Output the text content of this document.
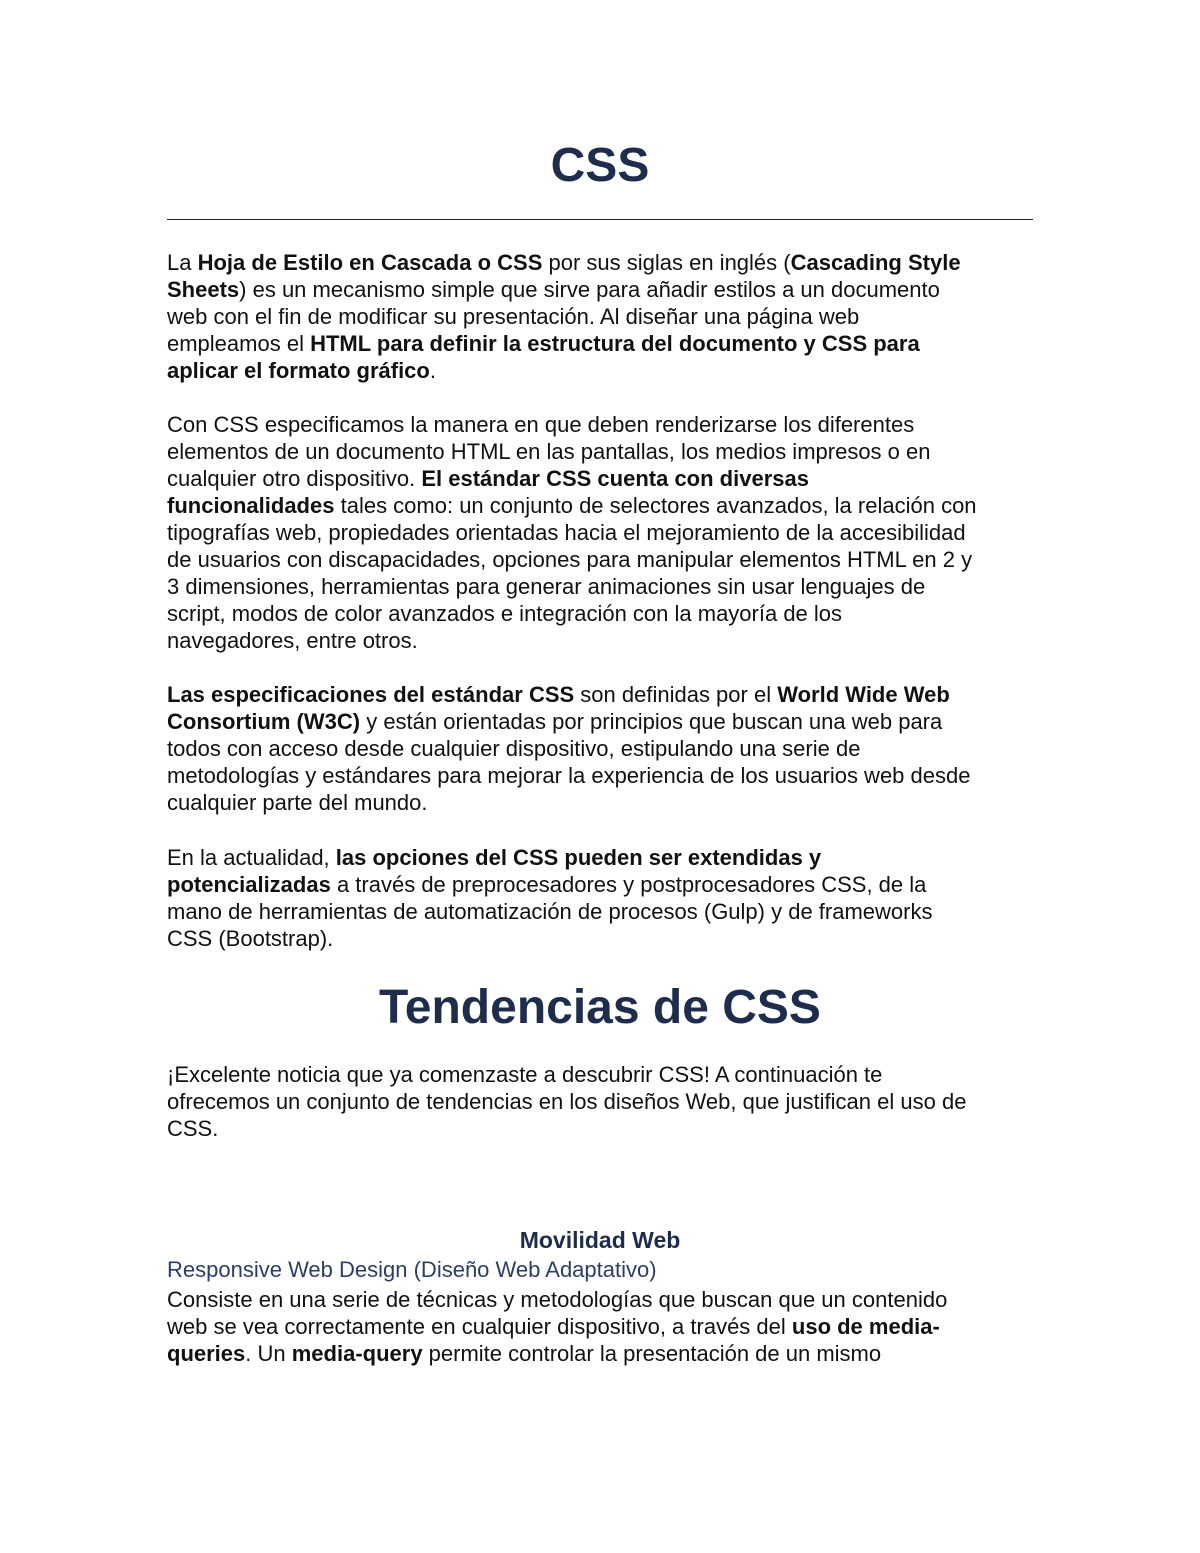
CSS
La Hoja de Estilo en Cascada o CSS por sus siglas en inglés (Cascading Style
Sheets) es un mecanismo simple que sirve para añadir estilos a un documento
web con el fin de modificar su presentación. Al diseñar una página web
empleamos el HTML para definir la estructura del documento y CSS para
aplicar el formato gráfico.
Con CSS especificamos la manera en que deben renderizarse los diferentes
elementos de un documento HTML en las pantallas, los medios impresos o en
cualquier otro dispositivo. El estándar CSS cuenta con diversas
funcionalidades tales como: un conjunto de selectores avanzados, la relación con
tipografías web, propiedades orientadas hacia el mejoramiento de la accesibilidad
de usuarios con discapacidades, opciones para manipular elementos HTML en 2 y
3 dimensiones, herramientas para generar animaciones sin usar lenguajes de
script, modos de color avanzados e integración con la mayoría de los
navegadores, entre otros.
Las especificaciones del estándar CSS son definidas por el World Wide Web
Consortium (W3C) y están orientadas por principios que buscan una web para
todos con acceso desde cualquier dispositivo, estipulando una serie de
metodologías y estándares para mejorar la experiencia de los usuarios web desde
cualquier parte del mundo.
En la actualidad, las opciones del CSS pueden ser extendidas y
potencializadas a través de preprocesadores y postprocesadores CSS, de la
mano de herramientas de automatización de procesos (Gulp) y de frameworks
CSS (Bootstrap).
Tendencias de CSS
¡Excelente noticia que ya comenzaste a descubrir CSS! A continuación te
ofrecemos un conjunto de tendencias en los diseños Web, que justifican el uso de
CSS.
Movilidad Web
Responsive Web Design (Diseño Web Adaptativo)
Consiste en una serie de técnicas y metodologías que buscan que un contenido
web se vea correctamente en cualquier dispositivo, a través del uso de media-
queries. Un media-query permite controlar la presentación de un mismo
